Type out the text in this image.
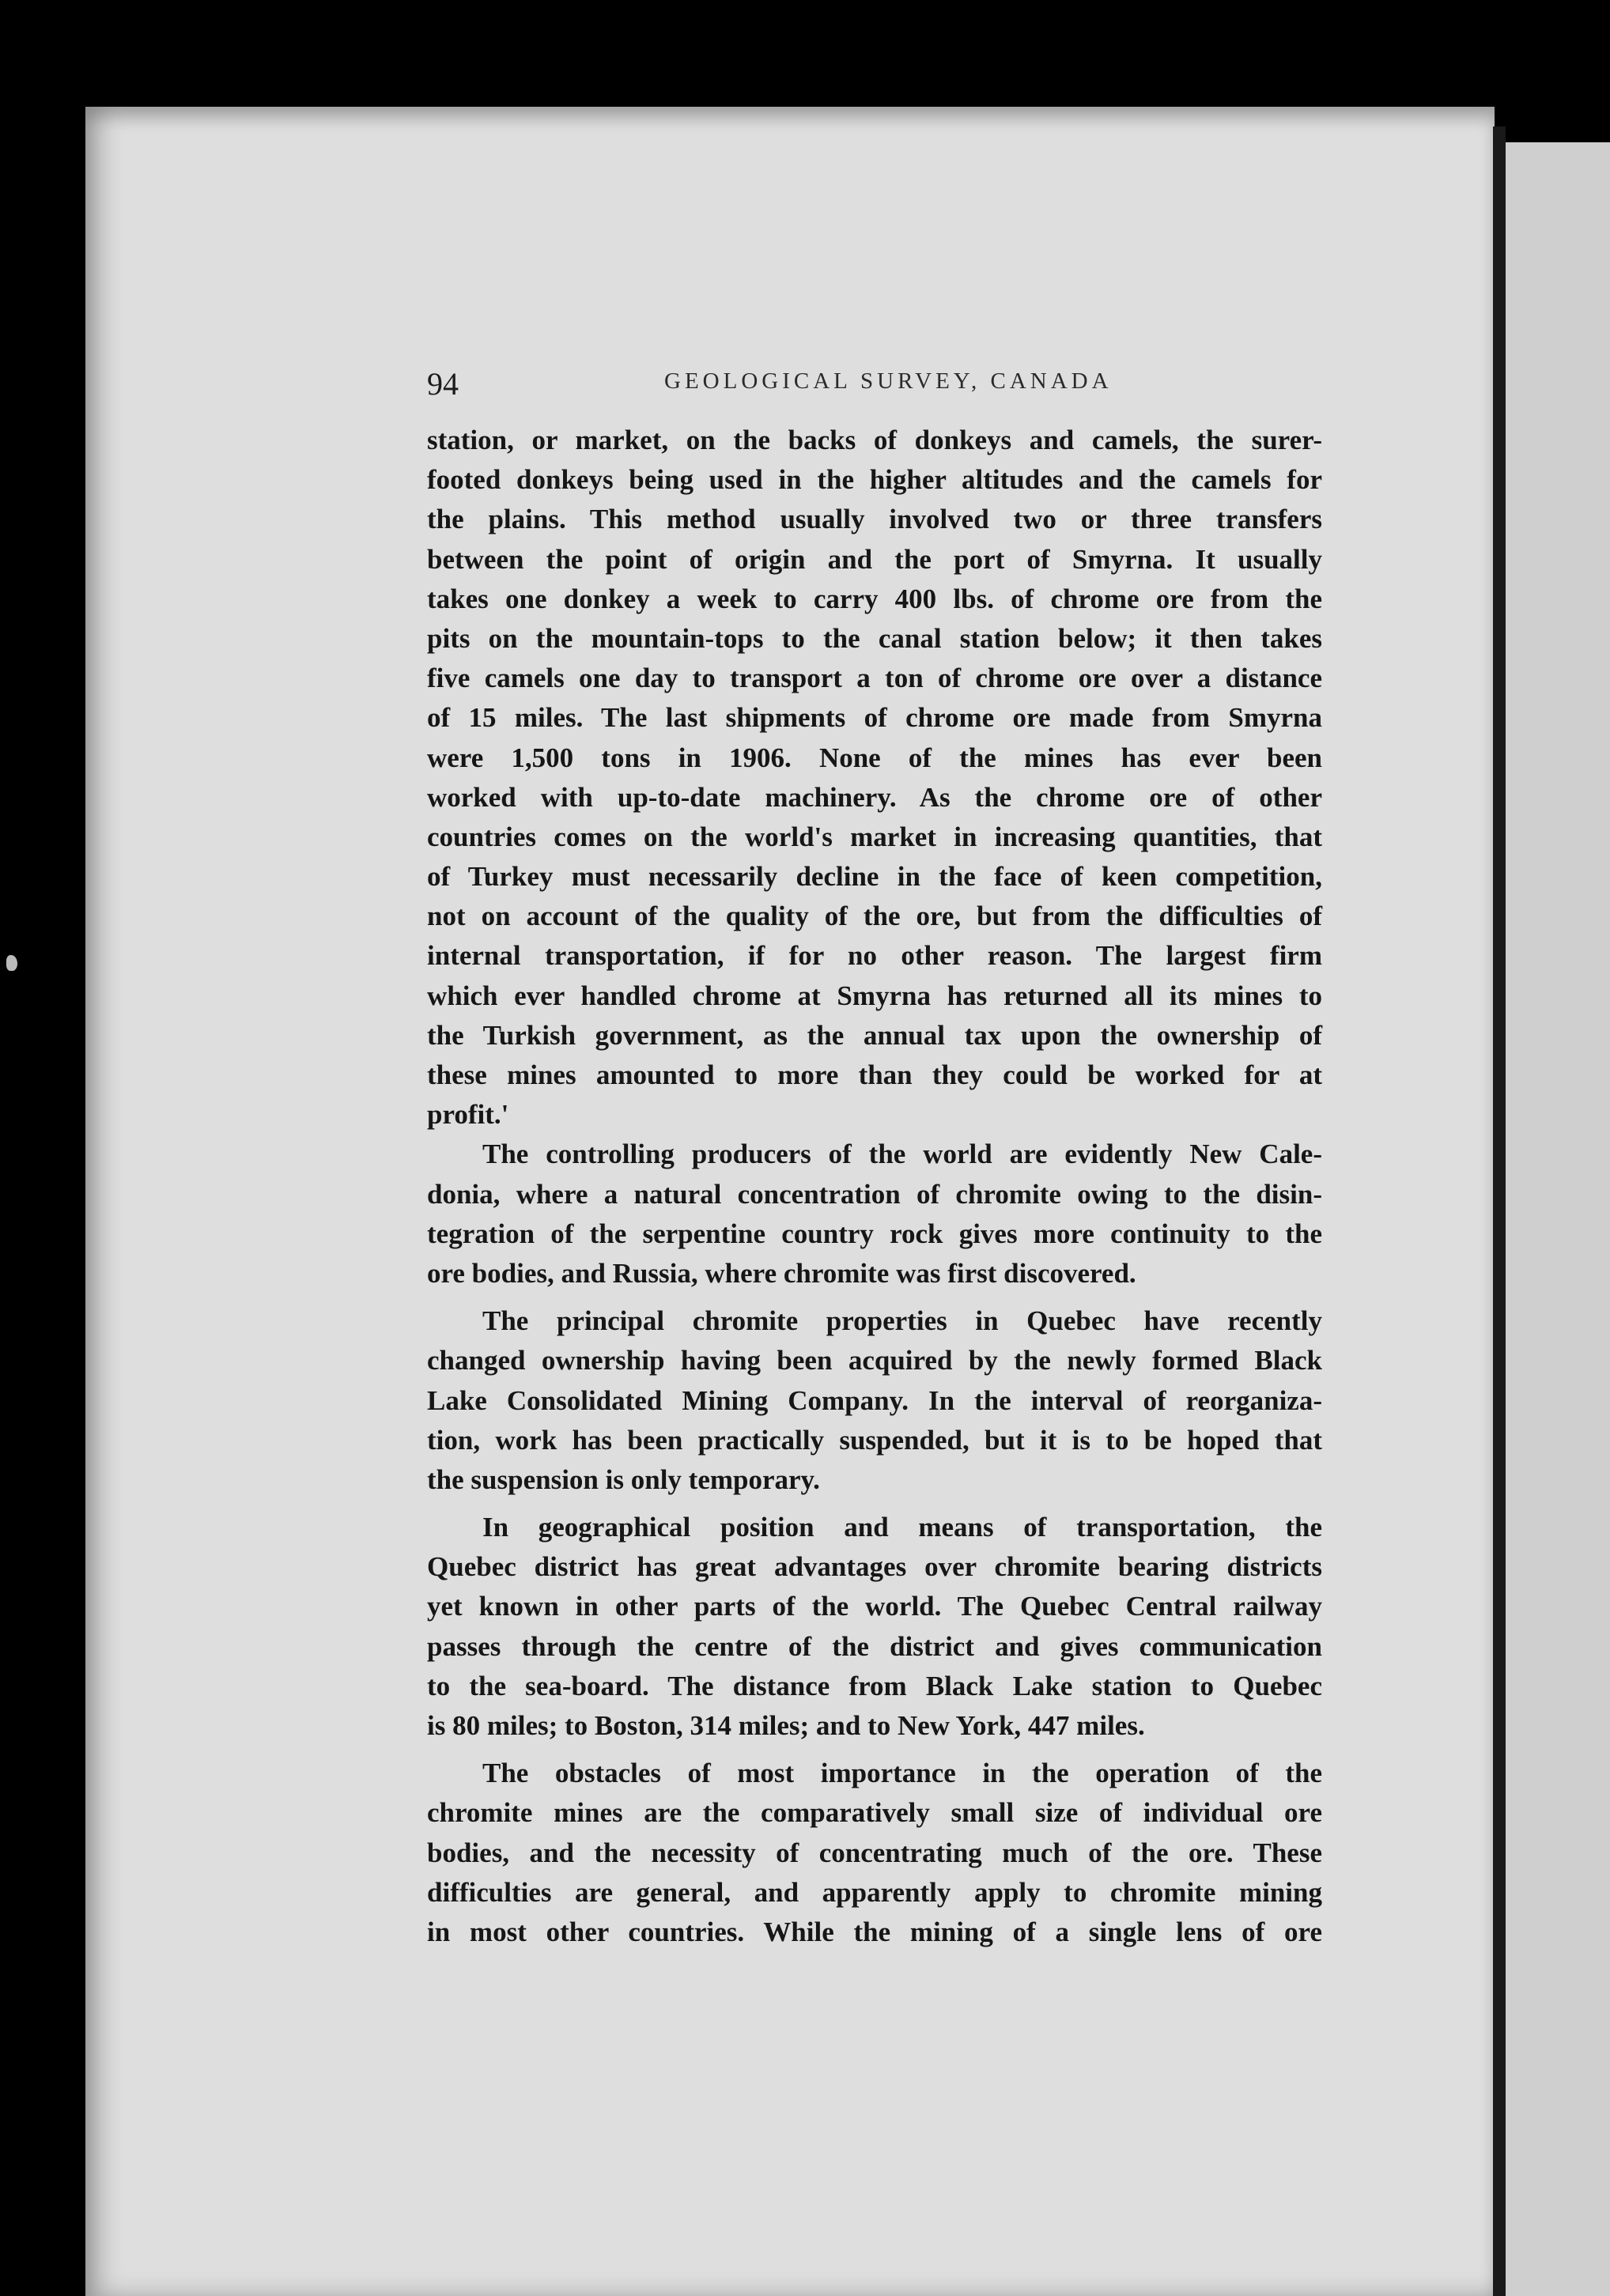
94	GEOLOGICAL SURVEY, CANADA
station, or market, on the backs of donkeys and camels, the surer-
footed donkeys being used in the higher altitudes and the camels for
the plains. This method usually involved two or three transfers
between the point of origin and the port of Smyrna. It usually
takes one donkey a week to carry 400 lbs. of chrome ore from the
pits on the mountain-tops to the canal station below; it then takes
five camels one day to transport a ton of chrome ore over a distance
of 15 miles. The last shipments of chrome ore made from Smyrna
were 1,500 tons in 1906. None of the mines has ever been
worked with up-to-date machinery. As the chrome ore of other
countries comes on the world's market in increasing quantities, that
of Turkey must necessarily decline in the face of keen competition,
not on account of the quality of the ore, but from the difficulties of
internal transportation, if for no other reason. The largest firm
which ever handled chrome at Smyrna has returned all its mines to
the Turkish government, as the annual tax upon the ownership of
these mines amounted to more than they could be worked for at
profit.'
The controlling producers of the world are evidently New Cale-
donia, where a natural concentration of chromite owing to the disin-
tegration of the serpentine country rock gives more continuity to the
ore bodies, and Russia, where chromite was first discovered.
The principal chromite properties in Quebec have recently
changed ownership having been acquired by the newly formed Black
Lake Consolidated Mining Company. In the interval of reorganiza-
tion, work has been practically suspended, but it is to be hoped that
the suspension is only temporary.
In geographical position and means of transportation, the
Quebec district has great advantages over chromite bearing districts
yet known in other parts of the world. The Quebec Central railway
passes through the centre of the district and gives communication
to the sea-board. The distance from Black Lake station to Quebec
is 80 miles; to Boston, 314 miles; and to New York, 447 miles.
The obstacles of most importance in the operation of the
chromite mines are the comparatively small size of individual ore
bodies, and the necessity of concentrating much of the ore. These
difficulties are general, and apparently apply to chromite mining
in most other countries. While the mining of a single lens of ore
